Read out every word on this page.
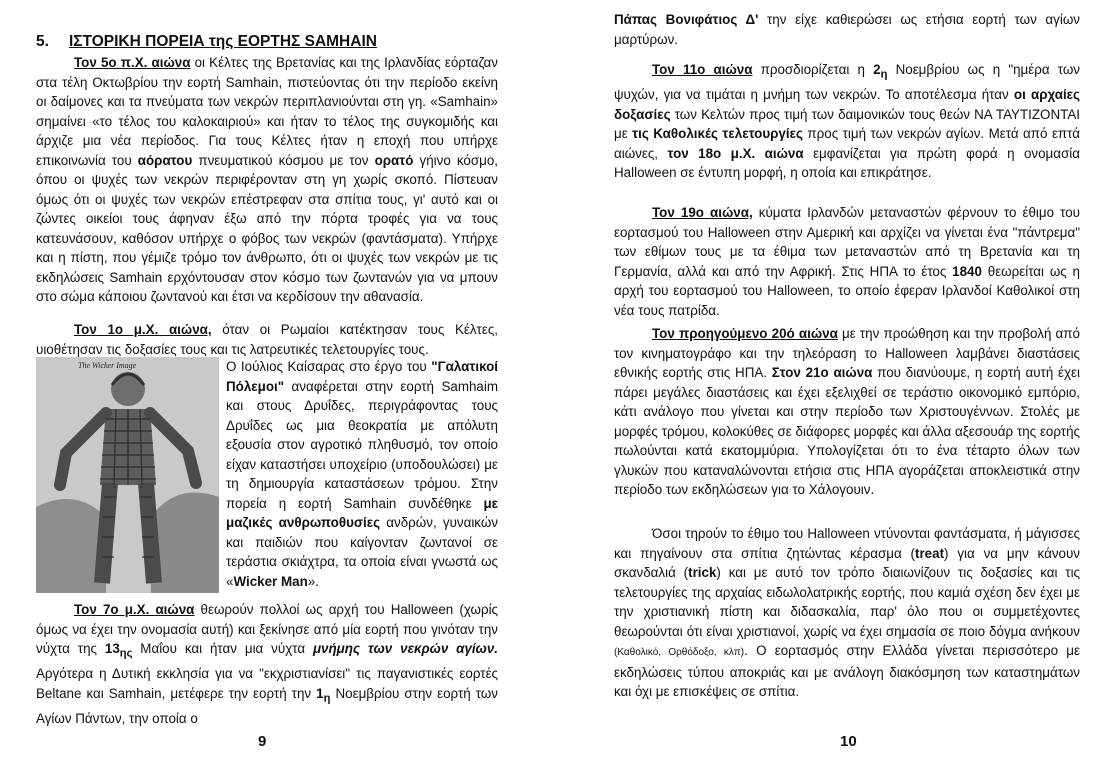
5. ΙΣΤΟΡΙΚΗ ΠΟΡΕΙΑ της ΕΟΡΤΗΣ SAMHAIN

Τον 5ο π.Χ. αιώνα οι Κέλτες της Βρετανίας και της Ιρλανδίας εόρταζαν στα τέλη Οκτωβρίου την εορτή Samhain, πιστεύοντας ότι την περίοδο εκείνη οι δαίμονες και τα πνεύματα των νεκρών περιπλανιούνται στη γη. «Samhain» σημαίνει «το τέλος του καλοκαιριού» και ήταν το τέλος της συγκομιδής και άρχιζε μια νέα περίοδος. Για τους Κέλτες ήταν η εποχή που υπήρχε επικοινωνία του αόρατου πνευματικού κόσμου με τον ορατό γήινο κόσμο, όπου οι ψυχές των νεκρών περιφέρονταν στη γη χωρίς σκοπό. Πίστευαν όμως ότι οι ψυχές των νεκρών επέστρεφαν στα σπίτια τους, γι' αυτό και οι ζώντες οικείοι τους άφηναν έξω από την πόρτα τροφές για να τους κατευνάσουν, καθόσον υπήρχε ο φόβος των νεκρών (φαντάσματα). Υπήρχε και η πίστη, που γέμιζε τρόμο τον άνθρωπο, ότι οι ψυχές των νεκρών με τις εκδηλώσεις Samhain ερχόντουσαν στον κόσμο των ζωντανών για να μπουν στο σώμα κάποιου ζωντανού και έτσι να κερδίσουν την αθανασία.

Τον 1ο μ.Χ. αιώνα, όταν οι Ρωμαίοι κατέκτησαν τους Κέλτες, υιοθέτησαν τις δοξασίες τους και τις λατρευτικές τελετουργίες τους.

The Wicker Image	Ο Ιούλιος Καίσαρας στο έργο του "Γαλατικοί Πόλεμοι" αναφέρεται στην εορτή Samhaim και στους Δρυΐδες, περιγράφοντας τους Δρυΐδες ως μια θεοκρατία με απόλυτη εξουσία στον αγροτικό πληθυσμό, τον οποίο είχαν καταστήσει υποχείριο (υποδουλώσει) με τη δημιουργία καταστάσεων τρόμου. Στην πορεία η εορτή Samhain συνδέθηκε με μαζικές ανθρωποθυσίες ανδρών, γυναικών και παιδιών που καίγονταν ζωντανοί σε τεράστια σκιάχτρα, τα οποία είναι γνωστά ως «Wicker Man».

Τον 7ο μ.Χ. αιώνα θεωρούν πολλοί ως αρχή του Halloween (χωρίς όμως να έχει την ονομασία αυτή) και ξεκίνησε από μία εορτή που γινόταν την νύχτα της $13_{\eta\varsigma}$ Μαΐου και ήταν μια νύχτα μνήμης των νεκρών αγίων. Αργότερα η Δυτική εκκλησία για να "εκχριστιανίσει" τις παγανιστικές εορτές Beltane και Samhain, μετέφερε την εορτή την $1_\eta$ Νοεμβρίου στην εορτή των Αγίων Πάντων, την οποία ο

9

Πάπας Βονιφάτιος Δ' την είχε καθιερώσει ως ετήσια εορτή των αγίων μαρτύρων.

Τον 11ο αιώνα προσδιορίζεται η $2_\eta$ Νοεμβρίου ως η "ημέρα των ψυχών, για να τιμάται η μνήμη των νεκρών. Το αποτέλεσμα ήταν οι αρχαίες δοξασίες των Κελτών προς τιμή των δαιμονικών τους θεών ΝΑ ΤΑΥΤΙΖΟΝΤΑΙ με τις Καθολικές τελετουργίες προς τιμή των νεκρών αγίων. Μετά από επτά αιώνες, τον 18ο μ.Χ. αιώνα εμφανίζεται για πρώτη φορά η ονομασία Halloween σε έντυπη μορφή, η οποία και επικράτησε.

Τον 19ο αιώνα, κύματα Ιρλανδών μεταναστών φέρνουν το έθιμο του εορτασμού του Halloween στην Αμερική και αρχίζει να γίνεται ένα "πάντρεμα" των εθίμων τους με τα έθιμα των μεταναστών από τη Βρετανία και τη Γερμανία, αλλά και από την Αφρική. Στις ΗΠΑ το έτος 1840 θεωρείται ως η αρχή του εορτασμού του Halloween, το οποίο έφεραν Ιρλανδοί Καθολικοί στη νέα τους πατρίδα.

Τον προηγούμενο 20ό αιώνα με την προώθηση και την προβολή από τον κινηματογράφο και την τηλεόραση το Halloween λαμβάνει διαστάσεις εθνικής εορτής στις ΗΠΑ. Στον 21ο αιώνα που διανύουμε, η εορτή αυτή έχει πάρει μεγάλες διαστάσεις και έχει εξελιχθεί σε τεράστιο οικονομικό εμπόριο, κάτι ανάλογο που γίνεται και στην περίοδο των Χριστουγέννων. Στολές με μορφές τρόμου, κολοκύθες σε διάφορες μορφές και άλλα αξεσουάρ της εορτής πωλούνται κατά εκατομμύρια. Υπολογίζεται ότι το ένα τέταρτο όλων των γλυκών που καταναλώνονται ετήσια στις ΗΠΑ αγοράζεται αποκλειστικά στην περίοδο των εκδηλώσεων για το Χάλογουιν.

Όσοι τηρούν το έθιμο του Halloween ντύνονται φαντάσματα, ή μάγισσες και πηγαίνουν στα σπίτια ζητώντας κέρασμα (treat) για να μην κάνουν σκανδαλιά (trick) και με αυτό τον τρόπο διαιωνίζουν τις δοξασίες και τις τελετουργίες της αρχαίας ειδωλολατρικής εορτής, που καμιά σχέση δεν έχει με την χριστιανική πίστη και διδασκαλία, παρ' όλο που οι συμμετέχοντες θεωρούνται ότι είναι χριστιανοί, χωρίς να έχει σημασία σε ποιο δόγμα ανήκουν (Καθολικό, Ορθόδοξο, κλπ). Ο εορτασμός στην Ελλάδα γίνεται περισσότερο με εκδηλώσεις τύπου αποκριάς και με ανάλογη διακόσμηση των καταστημάτων και όχι με επισκέψεις σε σπίτια.

10
